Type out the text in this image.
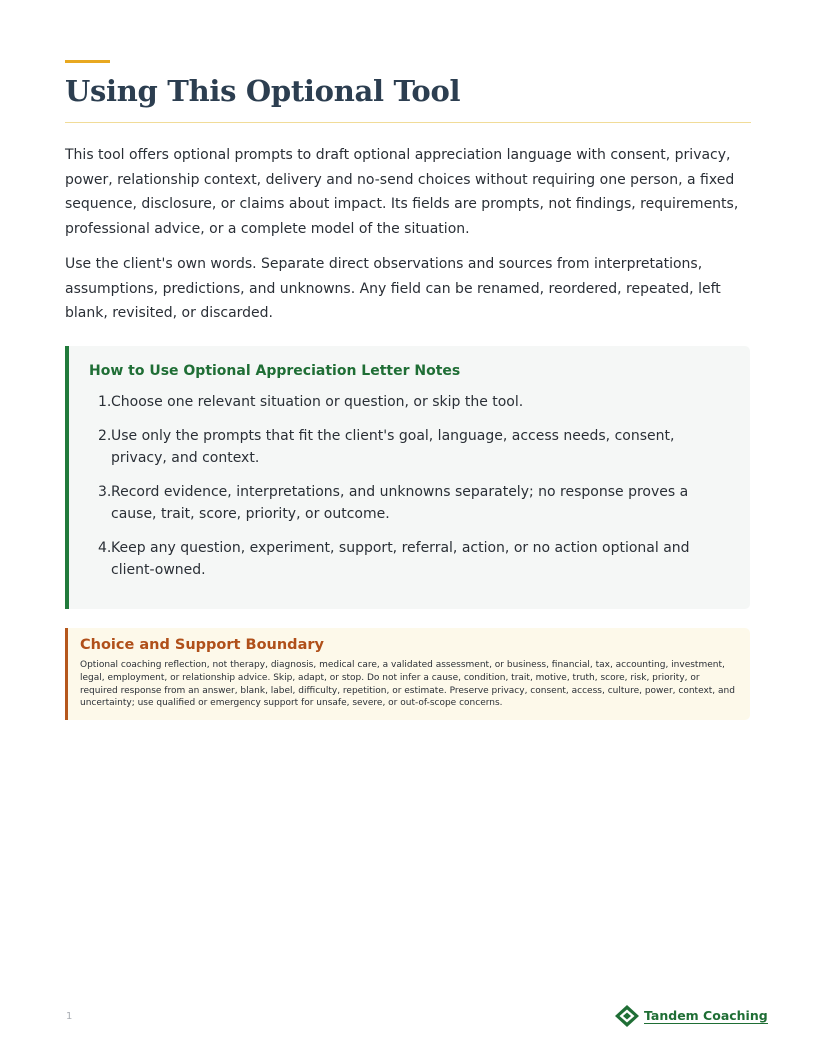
Using This Optional Tool

This tool offers optional prompts to draft optional appreciation language with consent, privacy, power, relationship context, delivery and no-send choices without requiring one person, a fixed sequence, disclosure, or claims about impact. Its fields are prompts, not findings, requirements, professional advice, or a complete model of the situation.

Use the client's own words. Separate direct observations and sources from interpretations, assumptions, predictions, and unknowns. Any field can be renamed, reordered, repeated, left blank, revisited, or discarded.

How to Use Optional Appreciation Letter Notes
1. Choose one relevant situation or question, or skip the tool.
2. Use only the prompts that fit the client's goal, language, access needs, consent, privacy, and context.
3. Record evidence, interpretations, and unknowns separately; no response proves a cause, trait, score, priority, or outcome.
4. Keep any question, experiment, support, referral, action, or no action optional and client-owned.
Choice and Support Boundary

Optional coaching reflection, not therapy, diagnosis, medical care, a validated assessment, or business, financial, tax, accounting, investment, legal, employment, or relationship advice. Skip, adapt, or stop. Do not infer a cause, condition, trait, motive, truth, score, risk, priority, or required response from an answer, blank, label, difficulty, repetition, or estimate. Preserve privacy, consent, access, culture, power, context, and uncertainty; use qualified or emergency support for unsafe, severe, or out-of-scope concerns.

1	Tandem Coaching
